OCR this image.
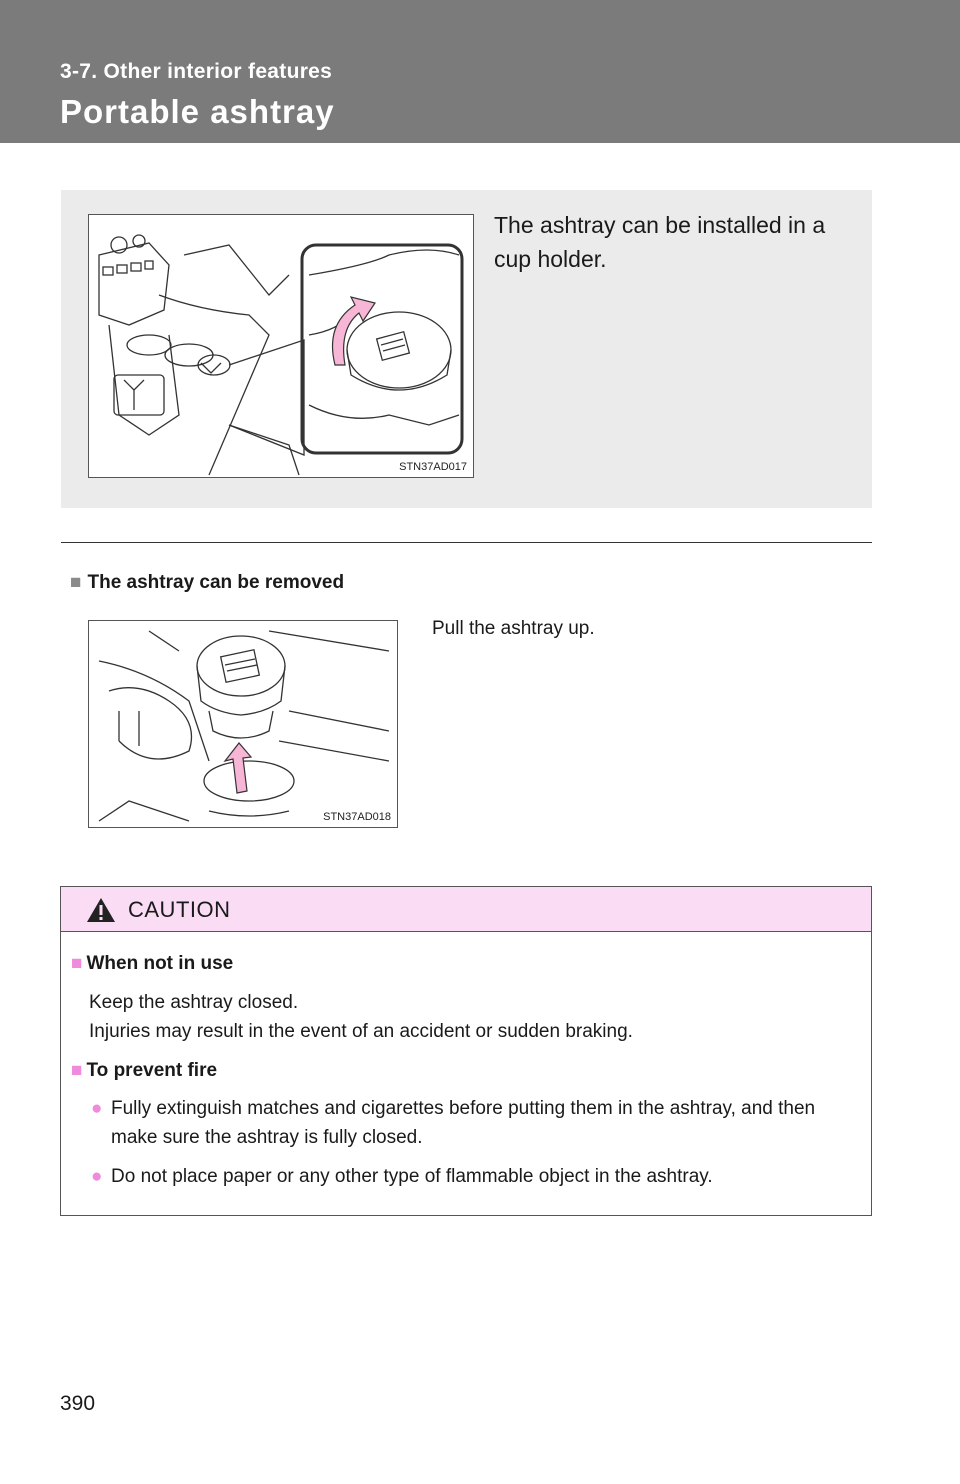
3-7. Other interior features
Portable ashtray
STN37AD017
The ashtray can be installed in a cup holder.
■ The ashtray can be removed
STN37AD018
Pull the ashtray up.
CAUTION
■ When not in use
Keep the ashtray closed.
Injuries may result in the event of an accident or sudden braking.
■ To prevent fire
● Fully extinguish matches and cigarettes before putting them in the ashtray, and then make sure the ashtray is fully closed.
● Do not place paper or any other type of flammable object in the ashtray.
390
